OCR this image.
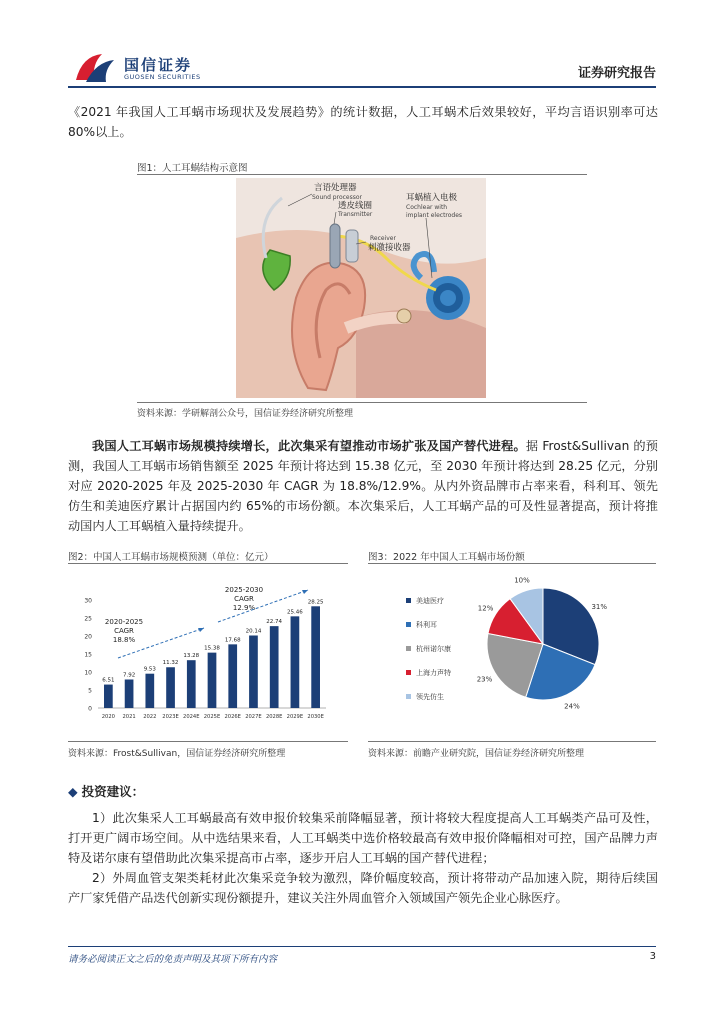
国信证券
GUOSEN SECURITIES	证券研究报告
《2021 年我国人工耳蜗市场现状及发展趋势》的统计数据，人工耳蜗术后效果较好，平均言语识别率可达 80%以上。
图1：人工耳蜗结构示意图
言语处理器
Sound processor
透皮线圈
Transmitter
Receiver
刺激接收器
耳蜗植入电极
Cochlear with
implant electrodes
资料来源：学研解剖公众号，国信证券经济研究所整理
我国人工耳蜗市场规模持续增长，此次集采有望推动市场扩张及国产替代进程。据 Frost&Sullivan 的预测，我国人工耳蜗市场销售额至 2025 年预计将达到 15.38 亿元，至 2030 年预计将达到 28.25 亿元，分别对应 2020-2025 年及 2025-2030 年 CAGR 为 18.8%/12.9%。从内外资品牌市占率来看，科利耳、领先仿生和美迪医疗累计占据国内约 65%的市场份额。本次集采后，人工耳蜗产品的可及性显著提高，预计将推动国内人工耳蜗植入量持续提升。
图2：中国人工耳蜗市场规模预测（单位：亿元）	图3：2022 年中国人工耳蜗市场份额
6.51
7.92
9.53
11.32
13.28
15.38
17.68
20.14
22.74
25.46
28.25
2020 2021 2022 2023E 2024E 2025E 2026E 2027E 2028E 2029E 2030E
0
5
10
15
20
25
30
2020-2025
CAGR
18.8%
2025-2030
CAGR
12.9%
美迪医疗
科利耳
杭州诺尔康
上海力声特
领先仿生
31%
24%
23%
12%
10%
资料来源：Frost&Sullivan，国信证券经济研究所整理	资料来源：前瞻产业研究院，国信证券经济研究所整理
◆ 投资建议：
1）此次集采人工耳蜗最高有效申报价较集采前降幅显著，预计将较大程度提高人工耳蜗类产品可及性，打开更广阔市场空间。从中选结果来看，人工耳蜗类中选价格较最高有效申报价降幅相对可控，国产品牌力声特及诺尔康有望借助此次集采提高市占率，逐步开启人工耳蜗的国产替代进程；
2）外周血管支架类耗材此次集采竞争较为激烈，降价幅度较高，预计将带动产品加速入院，期待后续国产厂家凭借产品迭代创新实现份额提升，建议关注外周血管介入领域国产领先企业心脉医疗。
请务必阅读正文之后的免责声明及其项下所有内容	3
